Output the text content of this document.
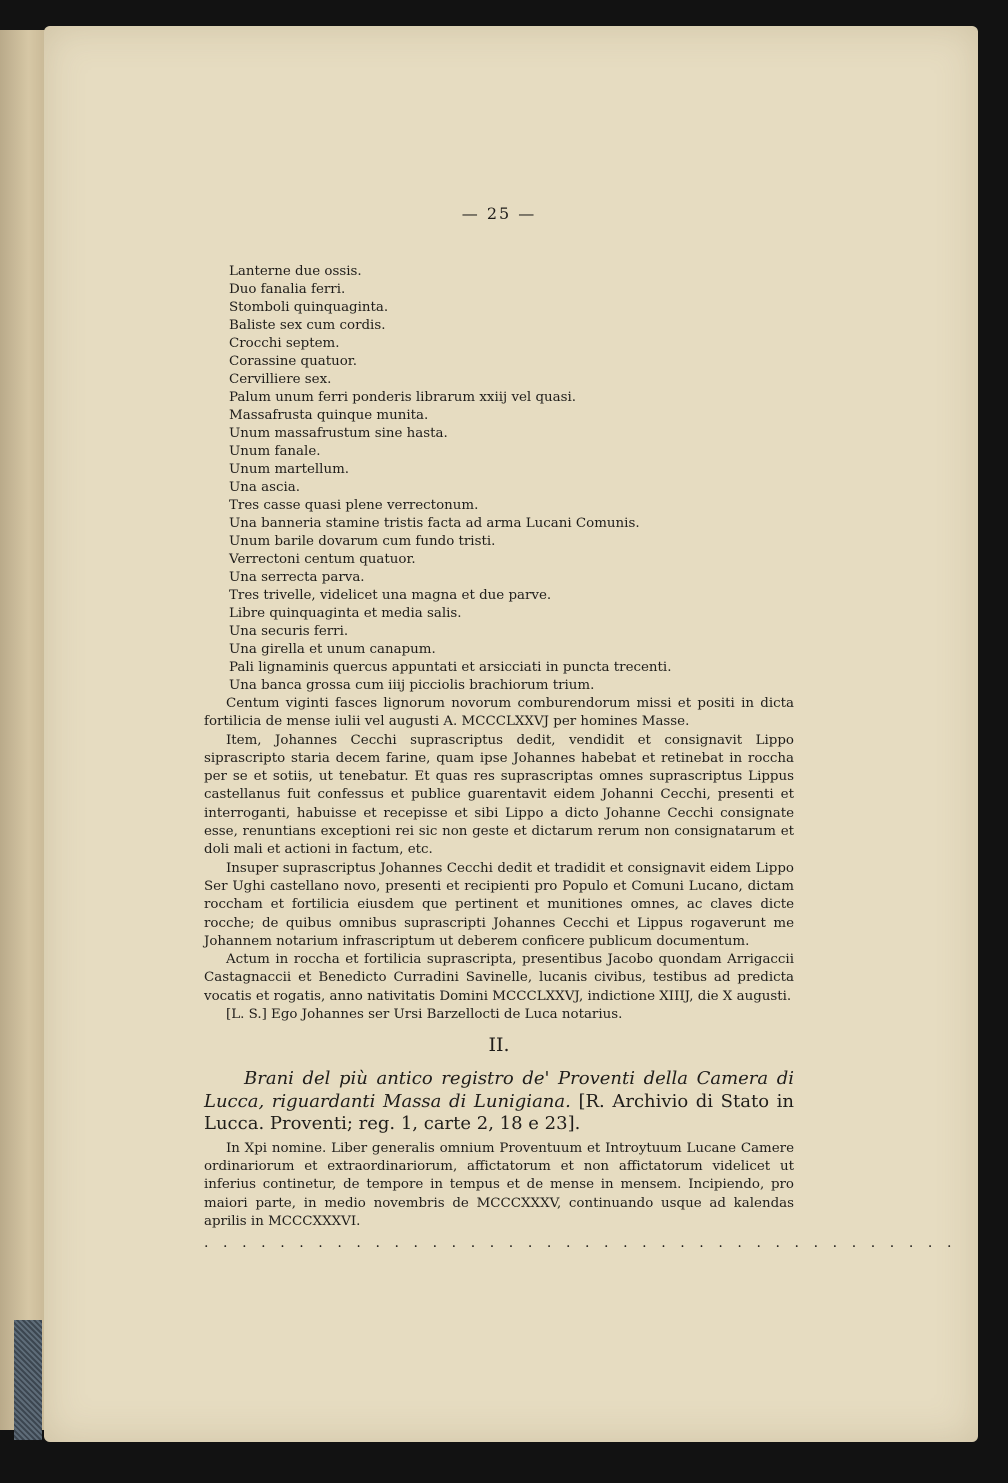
— 25 —
Lanterne due ossis.
Duo fanalia ferri.
Stomboli quinquaginta.
Baliste sex cum cordis.
Crocchi septem.
Corassine quatuor.
Cervilliere sex.
Palum unum ferri ponderis librarum xxiij vel quasi.
Massafrusta quinque munita.
Unum massafrustum sine hasta.
Unum fanale.
Unum martellum.
Una ascia.
Tres casse quasi plene verrectonum.
Una banneria stamine tristis facta ad arma Lucani Comunis.
Unum barile dovarum cum fundo tristi.
Verrectoni centum quatuor.
Una serrecta parva.
Tres trivelle, videlicet una magna et due parve.
Libre quinquaginta et media salis.
Una securis ferri.
Una girella et unum canapum.
Pali lignaminis quercus appuntati et arsicciati in puncta trecenti.
Una banca grossa cum iiij picciolis brachiorum trium.

Centum viginti fasces lignorum novorum comburendorum missi et positi in dicta fortilicia de mense iulii vel augusti A. MCCCLXXVJ per homines Masse.

Item, Johannes Cecchi suprascriptus dedit, vendidit et consignavit Lippo siprascripto staria decem farine, quam ipse Johannes habebat et retinebat in roccha per se et sotiis, ut tenebatur. Et quas res suprascriptas omnes suprascriptus Lippus castellanus fuit confessus et publice guarentavit eidem Johanni Cecchi, presenti et interroganti, habuisse et recepisse et sibi Lippo a dicto Johanne Cecchi consignate esse, renuntians exceptioni rei sic non geste et dictarum rerum non consignatarum et doli mali et actioni in factum, etc.

Insuper suprascriptus Johannes Cecchi dedit et tradidit et consignavit eidem Lippo Ser Ughi castellano novo, presenti et recipienti pro Populo et Comuni Lucano, dictam roccham et fortilicia eiusdem que pertinent et munitiones omnes, ac claves dicte rocche; de quibus omnibus suprascripti Johannes Cecchi et Lippus rogaverunt me Johannem notarium infrascriptum ut deberem conficere publicum documentum.

Actum in roccha et fortilicia suprascripta, presentibus Jacobo quondam Arrigaccii Castagnaccii et Benedicto Curradini Savinelle, lucanis civibus, testibus ad predicta vocatis et rogatis, anno nativitatis Domini MCCCLXXVJ, indictione XIIIJ, die X augusti.

[L. S.] Ego Johannes ser Ursi Barzellocti de Luca notarius.

II.

Brani del più antico registro de' Proventi della Camera di Lucca, riguardanti Massa di Lunigiana. [R. Archivio di Stato in Lucca. Proventi; reg. 1, carte 2, 18 e 23].

In Xpi nomine. Liber generalis omnium Proventuum et Introytuum Lucane Camere ordinariorum et extraordinariorum, affictatorum et non affictatorum videlicet ut inferius continetur, de tempore in tempus et de mense in mensem. Incipiendo, pro maiori parte, in medio novembris de MCCCXXXV, continuando usque ad kalendas aprilis in MCCCXXXVI.

........................................
